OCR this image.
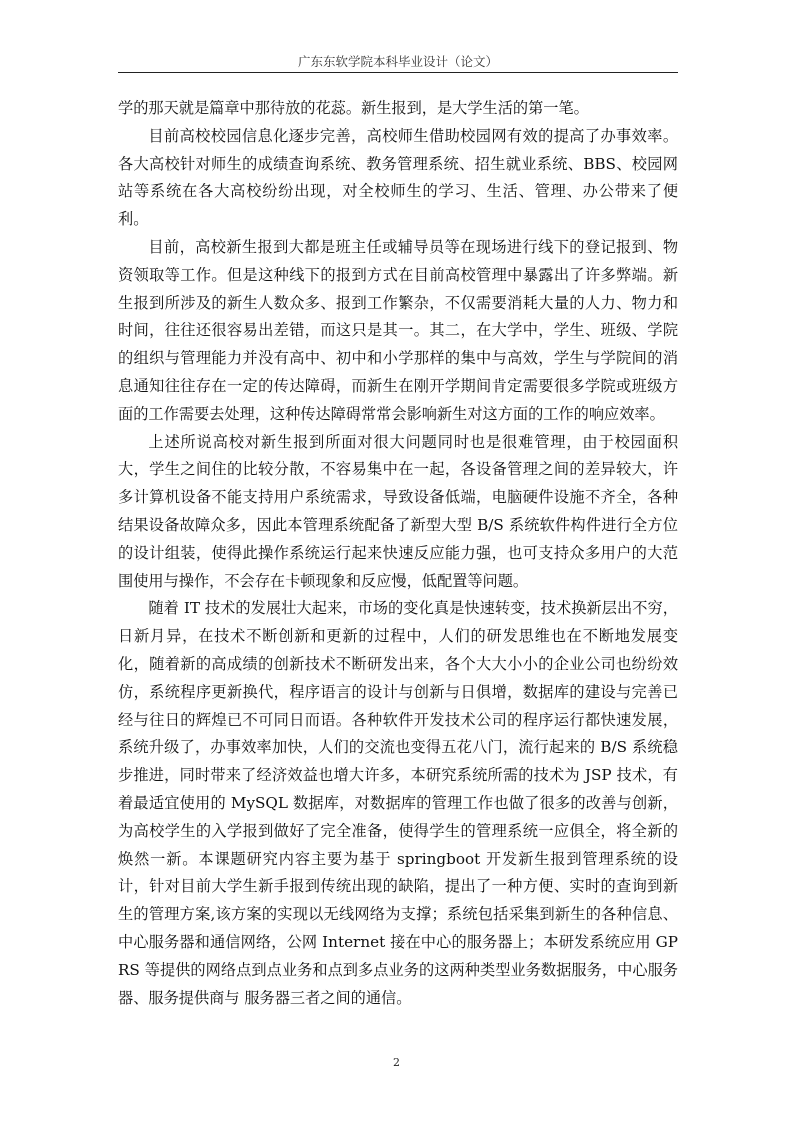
广东东软学院本科毕业设计（论文）

学的那天就是篇章中那待放的花蕊。新生报到，是大学生活的第一笔。

目前高校校园信息化逐步完善，高校师生借助校园网有效的提高了办事效率。各大高校针对师生的成绩查询系统、教务管理系统、招生就业系统、BBS、校园网站等系统在各大高校纷纷出现，对全校师生的学习、生活、管理、办公带来了便利。

目前，高校新生报到大都是班主任或辅导员等在现场进行线下的登记报到、物资领取等工作。但是这种线下的报到方式在目前高校管理中暴露出了许多弊端。新生报到所涉及的新生人数众多、报到工作繁杂，不仅需要消耗大量的人力、物力和时间，往往还很容易出差错，而这只是其一。其二，在大学中，学生、班级、学院的组织与管理能力并没有高中、初中和小学那样的集中与高效，学生与学院间的消息通知往往存在一定的传达障碍，而新生在刚开学期间肯定需要很多学院或班级方面的工作需要去处理，这种传达障碍常常会影响新生对这方面的工作的响应效率。

上述所说高校对新生报到所面对很大问题同时也是很难管理，由于校园面积大，学生之间住的比较分散，不容易集中在一起，各设备管理之间的差异较大，许多计算机设备不能支持用户系统需求，导致设备低端，电脑硬件设施不齐全，各种结果设备故障众多，因此本管理系统配备了新型大型 B/S 系统软件构件进行全方位的设计组装，使得此操作系统运行起来快速反应能力强，也可支持众多用户的大范围使用与操作，不会存在卡顿现象和反应慢，低配置等问题。

随着 IT 技术的发展壮大起来，市场的变化真是快速转变，技术换新层出不穷，日新月异，在技术不断创新和更新的过程中，人们的研发思维也在不断地发展变化，随着新的高成绩的创新技术不断研发出来，各个大大小小的企业公司也纷纷效仿，系统程序更新换代，程序语言的设计与创新与日俱增，数据库的建设与完善已经与往日的辉煌已不可同日而语。各种软件开发技术公司的程序运行都快速发展，系统升级了，办事效率加快，人们的交流也变得五花八门，流行起来的 B/S 系统稳步推进，同时带来了经济效益也增大许多，本研究系统所需的技术为 JSP 技术，有着最适宜使用的 MySQL 数据库，对数据库的管理工作也做了很多的改善与创新，为高校学生的入学报到做好了完全准备，使得学生的管理系统一应俱全，将全新的焕然一新。本课题研究内容主要为基于 springboot 开发新生报到管理系统的设计，针对目前大学生新手报到传统出现的缺陷，提出了一种方便、实时的查询到新生的管理方案,该方案的实现以无线网络为支撑；系统包括采集到新生的各种信息、中心服务器和通信网络，公网 Internet 接在中心的服务器上；本研发系统应用 GPRS 等提供的网络点到点业务和点到多点业务的这两种类型业务数据服务，中心服务器、服务提供商与 服务器三者之间的通信。

2
